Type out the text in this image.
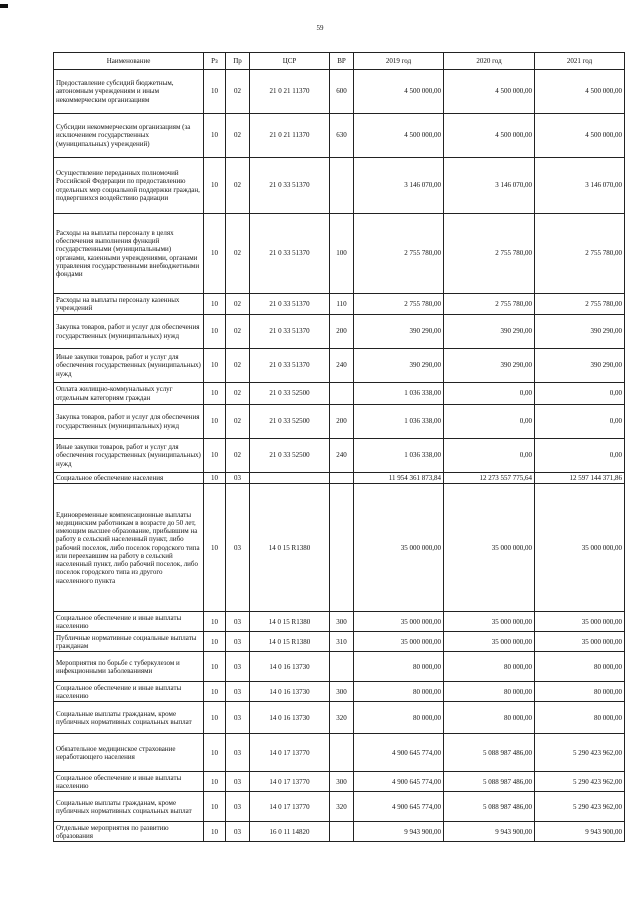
59
Наименование	Рз	Пр	ЦСР	ВР	2019 год	2020 год	2021 год
Предоставление субсидий бюджетным, автономным учреждениям и иным некоммерческим организациям	10	02	21 0 21 11370	600	4 500 000,00	4 500 000,00	4 500 000,00
Субсидии некоммерческим организациям (за исключением государственных (муниципальных) учреждений)	10	02	21 0 21 11370	630	4 500 000,00	4 500 000,00	4 500 000,00
Осуществление переданных полномочий Российской Федерации по предоставлению отдельных мер социальной поддержки граждан, подвергшихся воздействию радиации	10	02	21 0 33 51370		3 146 070,00	3 146 070,00	3 146 070,00
Расходы на выплаты персоналу в целях обеспечения выполнения функций государственными (муниципальными) органами, казенными учреждениями, органами управления государственными внебюджетными фондами	10	02	21 0 33 51370	100	2 755 780,00	2 755 780,00	2 755 780,00
Расходы на выплаты персоналу казенных учреждений	10	02	21 0 33 51370	110	2 755 780,00	2 755 780,00	2 755 780,00
Закупка товаров, работ и услуг для обеспечения государственных (муниципальных) нужд	10	02	21 0 33 51370	200	390 290,00	390 290,00	390 290,00
Иные закупки товаров, работ и услуг для обеспечения государственных (муниципальных) нужд	10	02	21 0 33 51370	240	390 290,00	390 290,00	390 290,00
Оплата жилищно-коммунальных услуг отдельным категориям граждан	10	02	21 0 33 52500		1 036 338,00	0,00	0,00
Закупка товаров, работ и услуг для обеспечения государственных (муниципальных) нужд	10	02	21 0 33 52500	200	1 036 338,00	0,00	0,00
Иные закупки товаров, работ и услуг для обеспечения государственных (муниципальных) нужд	10	02	21 0 33 52500	240	1 036 338,00	0,00	0,00
Социальное обеспечение населения	10	03			11 954 361 873,84	12 273 557 775,64	12 597 144 371,86
Единовременные компенсационные выплаты медицинским работникам в возрасте до 50 лет, имеющим высшее образование, прибывшим на работу в сельский населенный пункт, либо рабочий поселок, либо поселок городского типа или переехавшим на работу в сельский населенный пункт, либо рабочий поселок, либо поселок городского типа из другого населенного пункта	10	03	14 0 15 R1380		35 000 000,00	35 000 000,00	35 000 000,00
Социальное обеспечение и иные выплаты населению	10	03	14 0 15 R1380	300	35 000 000,00	35 000 000,00	35 000 000,00
Публичные нормативные социальные выплаты гражданам	10	03	14 0 15 R1380	310	35 000 000,00	35 000 000,00	35 000 000,00
Мероприятия по борьбе с туберкулезом и инфекционными заболеваниями	10	03	14 0 16 13730		80 000,00	80 000,00	80 000,00
Социальное обеспечение и иные выплаты населению	10	03	14 0 16 13730	300	80 000,00	80 000,00	80 000,00
Социальные выплаты гражданам, кроме публичных нормативных социальных выплат	10	03	14 0 16 13730	320	80 000,00	80 000,00	80 000,00
Обязательное медицинское страхование неработающего населения	10	03	14 0 17 13770		4 900 645 774,00	5 088 987 486,00	5 290 423 962,00
Социальное обеспечение и иные выплаты населению	10	03	14 0 17 13770	300	4 900 645 774,00	5 088 987 486,00	5 290 423 962,00
Социальные выплаты гражданам, кроме публичных нормативных социальных выплат	10	03	14 0 17 13770	320	4 900 645 774,00	5 088 987 486,00	5 290 423 962,00
Отдельные мероприятия по развитию образования	10	03	16 0 11 14820		9 943 900,00	9 943 900,00	9 943 900,00
